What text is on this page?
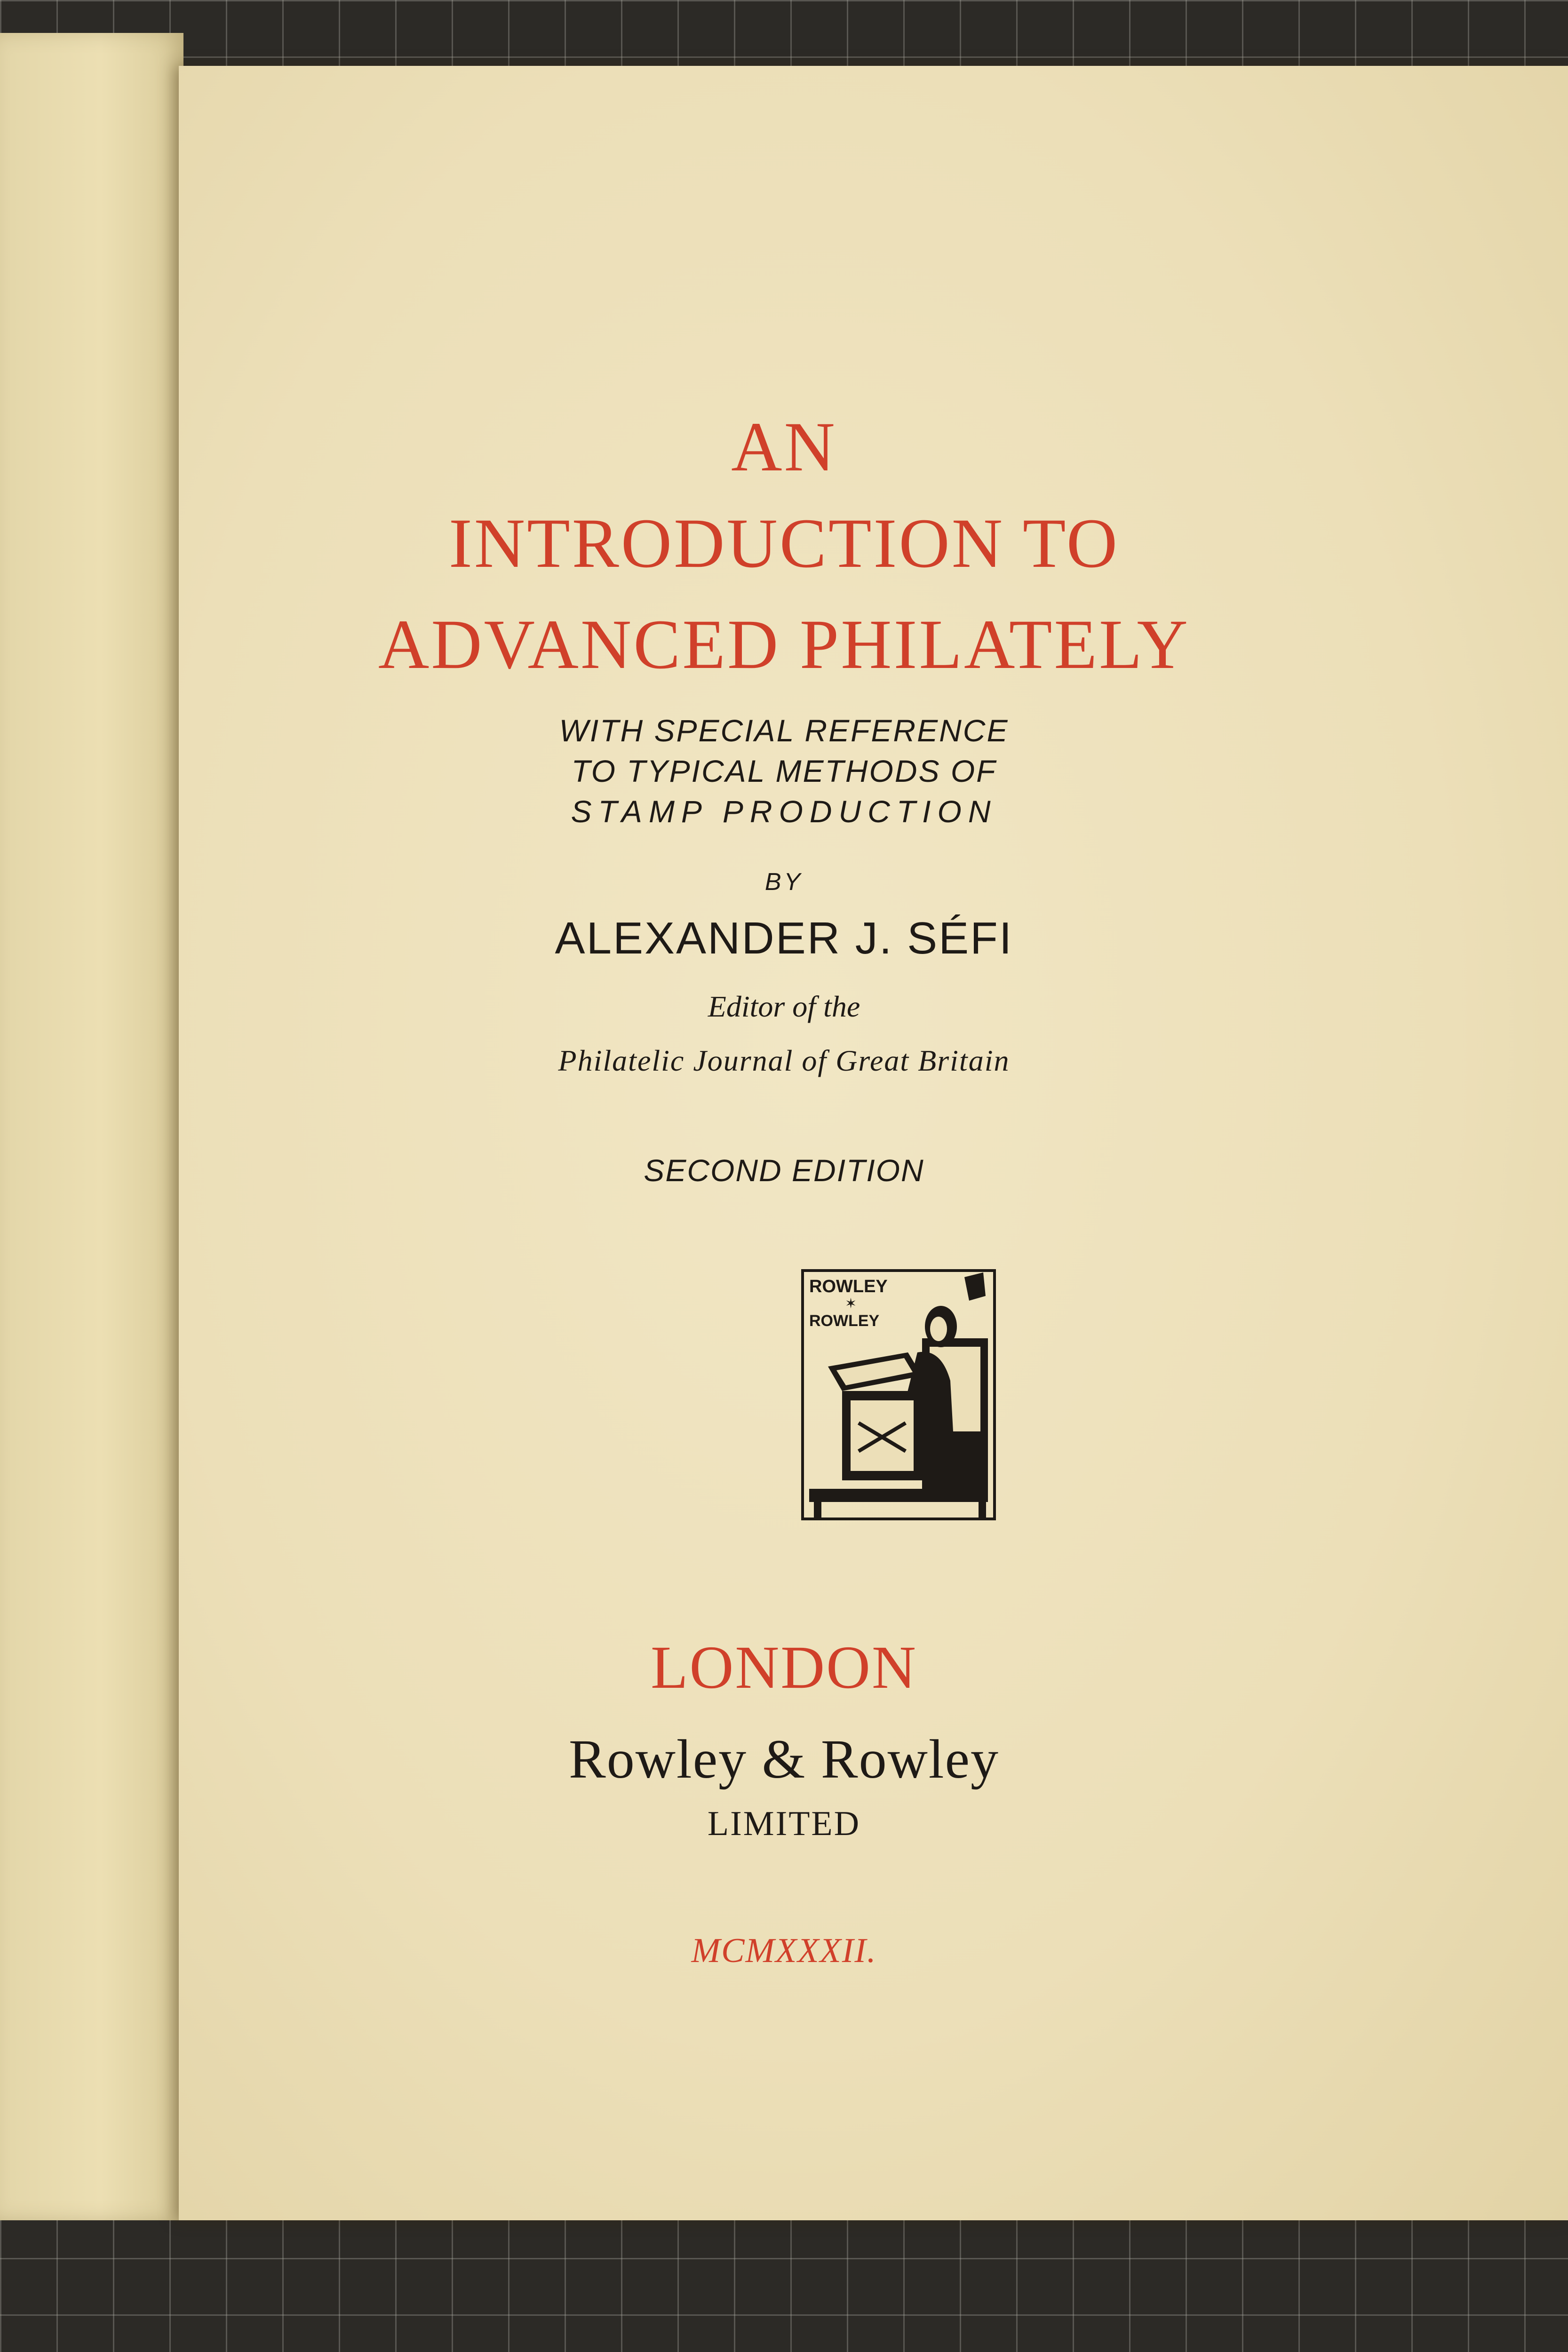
AN
INTRODUCTION TO
ADVANCED PHILATELY

WITH SPECIAL REFERENCE

TO TYPICAL METHODS OF

STAMP PRODUCTION

BY

ALEXANDER J. SÉFI

Editor of the

Philatelic Journal of Great Britain

SECOND EDITION

ROWLEY
✶
ROWLEY

LONDON

Rowley & Rowley

LIMITED

MCMXXXII.
